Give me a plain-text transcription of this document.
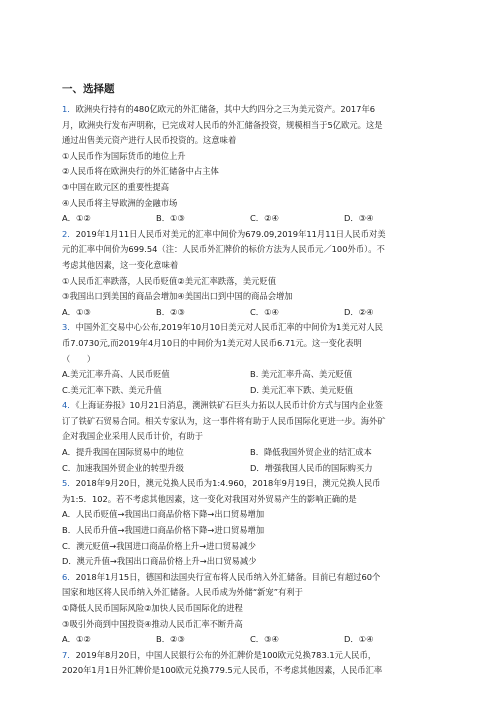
一、选择题
1．欧洲央行持有的480亿欧元的外汇储备，其中大约四分之三为美元资产。2017年6
月，欧洲央行发布声明称，已完成对人民币的外汇储备投资，规模相当于5亿欧元。这是
通过出售美元资产进行人民币投资的。这意味着
①人民币作为国际货币的地位上升
②人民币将在欧洲央行的外汇储备中占主体
③中国在欧元区的重要性提高
④人民币将主导欧洲的金融市场
A．①②	B．①③	C．②④	D．③④
2．2019年1月11日人民币对美元的汇率中间价为679.09,2019年11月11日人民币对美
元的汇率中间价为699.54（注：人民币外汇牌价的标价方法为人民币元／100外币）。不
考虑其他因素，这一变化意味着
①人民币汇率跌落，人民币贬值②美元汇率跌落，美元贬值
③我国出口到美国的商品会增加④美国出口到中国的商品会增加
A．①③	B．②③	C．①④	D．②④
3．中国外汇交易中心公布,2019年10月10日美元对人民币汇率的中间价为1美元对人民
币7.0730元,而2019年4月10日的中间价为1美元对人民币6.71元。这一变化表明
（　　）
A.美元汇率升高、人民币贬值	B. 美元汇率升高、美元贬值
C.美元汇率下跌、美元升值	D. 美元汇率下跌、美元贬值
4．《上海证券报》10月21日消息，澳洲铁矿石巨头力拓以人民币计价方式与国内企业签
订了铁矿石贸易合同。相关专家认为，这一事件将有助于人民币国际化更进一步。海外矿
企对我国企业采用人民币计价，有助于
A．提升我国在国际贸易中的地位	B．降低我国外贸企业的结汇成本
C．加速我国外贸企业的转型升级	D．增强我国人民币的国际购买力
5．2018年9月20日，澳元兑换人民币为1:4.960，2018年9月19日，澳元兑换人民币
为1:5．102。若不考虑其他因素，这一变化对我国对外贸易产生的影响正确的是
A．人民币贬值→我国出口商品价格下降→出口贸易增加
B．人民币升值→我国进口商品价格下降→进口贸易增加
C．澳元贬值→我国进口商品价格上升→进口贸易减少
D．澳元升值→我国出口商品价格上升→出口贸易减少
6．2018年1月15日，德国和法国央行宣布将人民币纳入外汇储备。目前已有超过60个
国家和地区将人民币纳入外汇储备。人民币成为外储“新宠”有利于
①降低人民币国际风险②加快人民币国际化的进程
③吸引外商到中国投资④推动人民币汇率不断升高
A．①②	B．②③	C．③④	D．①④
7．2019年8月20日，中国人民银行公布的外汇牌价是100欧元兑换783.1元人民币，
2020年1月1日外汇牌价是100欧元兑换779.5元人民币，不考虑其他因素，人民币汇率
